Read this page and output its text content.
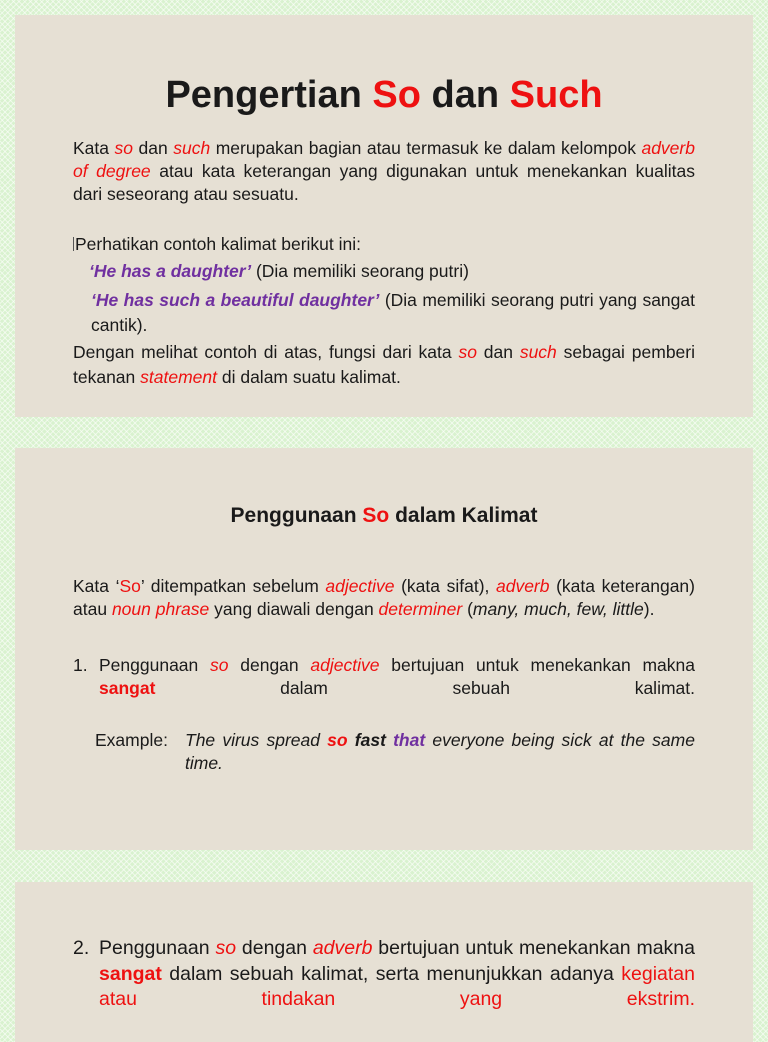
Pengertian So dan Such

Kata so dan such merupakan bagian atau termasuk ke dalam kelompok adverb of degree atau kata keterangan yang digunakan untuk menekankan kualitas dari seseorang atau sesuatu.

Perhatikan contoh kalimat berikut ini:

‘He has a daughter’ (Dia memiliki seorang putri)
‘He has such a beautiful daughter’ (Dia memiliki seorang putri yang sangat cantik).

Dengan melihat contoh di atas, fungsi dari kata so dan such sebagai pemberi tekanan statement di dalam suatu kalimat.

Penggunaan So dalam Kalimat

Kata ‘So’ ditempatkan sebelum adjective (kata sifat), adverb (kata keterangan) atau noun phrase yang diawali dengan determiner (many, much, few, little).

1. Penggunaan so dengan adjective bertujuan untuk menekankan makna sangat dalam sebuah kalimat.
Example: The virus spread so fast that everyone being sick at the same time.
2. Penggunaan so dengan adverb bertujuan untuk menekankan makna sangat dalam sebuah kalimat, serta menunjukkan adanya kegiatan atau tindakan yang ekstrim.
